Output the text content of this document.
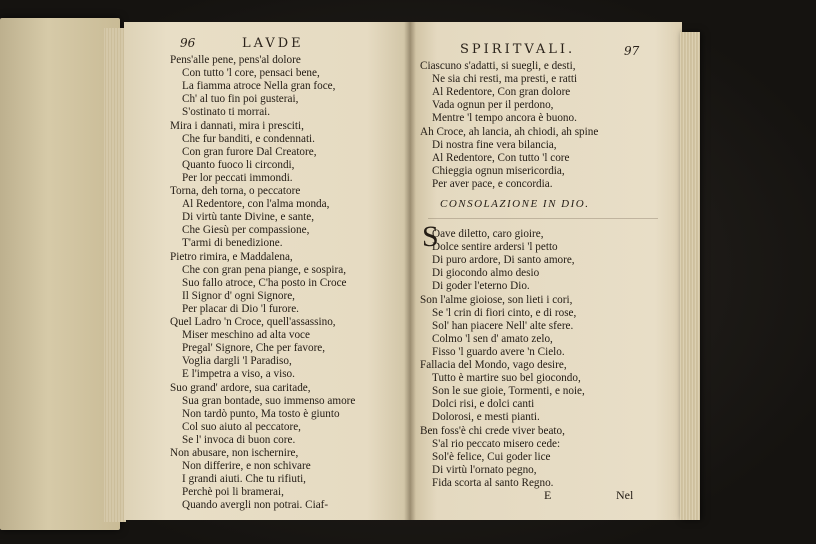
96	LAVDE
Pens'alle pene, pens'al dolore
Con tutto 'l core, pensaci bene,
La fiamma atroce Nella gran foce,
Ch' al tuo fin poi gusterai,
S'ostinato ti morrai.
Mira i dannati, mira i presciti,
Che fur banditi, e condennati.
Con gran furore Dal Creatore,
Quanto fuoco li circondi,
Per lor peccati immondi.
Torna, deh torna, o peccatore
Al Redentore, con l'alma monda,
Di virtù tante Divine, e sante,
Che Giesù per compassione,
T'armi di benedizione.
Pietro rimira, e Maddalena,
Che con gran pena piange, e sospira,
Suo fallo atroce, C'ha posto in Croce
Il Signor d' ogni Signore,
Per placar di Dio 'l furore.
Quel Ladro 'n Croce, quell'assassino,
Miser meschino ad alta voce
Pregal' Signore, Che per favore,
Voglia dargli 'l Paradiso,
E l'impetra a viso, a viso.
Suo grand' ardore, sua caritade,
Sua gran bontade, suo immenso amore
Non tardò punto, Ma tosto è giunto
Col suo aiuto al peccatore,
Se l' invoca di buon core.
Non abusare, non ischernire,
Non differire, e non schivare
I grandi aiuti. Che tu rifiuti,
Perchè poi li bramerai,
Quando avergli non potrai. Ciaf-
SPIRITVALI.	97
Ciascuno s'adatti, si suegli, e desti,
Ne sia chi resti, ma presti, e ratti
Al Redentore, Con gran dolore
Vada ognun per il perdono,
Mentre 'l tempo ancora è buono.
Ah Croce, ah lancia, ah chiodi, ah spine
Di nostra fine vera bilancia,
Al Redentore, Con tutto 'l core
Chieggia ognun misericordia,
Per aver pace, e concordia.
CONSOLAZIONE IN DIO.
S
Oave diletto, caro gioire,
Dolce sentire ardersi 'l petto
Di puro ardore, Di santo amore,
Di giocondo almo desio
Di goder l'eterno Dio.
Son l'alme gioiose, son lieti i cori,
Se 'l crin di fiori cinto, e di rose,
Sol' han piacere Nell' alte sfere.
Colmo 'l sen d' amato zelo,
Fisso 'l guardo avere 'n Cielo.
Fallacia del Mondo, vago desire,
Tutto è martire suo bel giocondo,
Son le sue gioie, Tormenti, e noie,
Dolci risi, e dolci canti
Dolorosi, e mesti pianti.
Ben foss'è chi crede viver beato,
S'al rio peccato misero cede:
Sol'è felice, Cui goder lice
Di virtù l'ornato pegno,
Fida scorta al santo Regno.
E	Nel
